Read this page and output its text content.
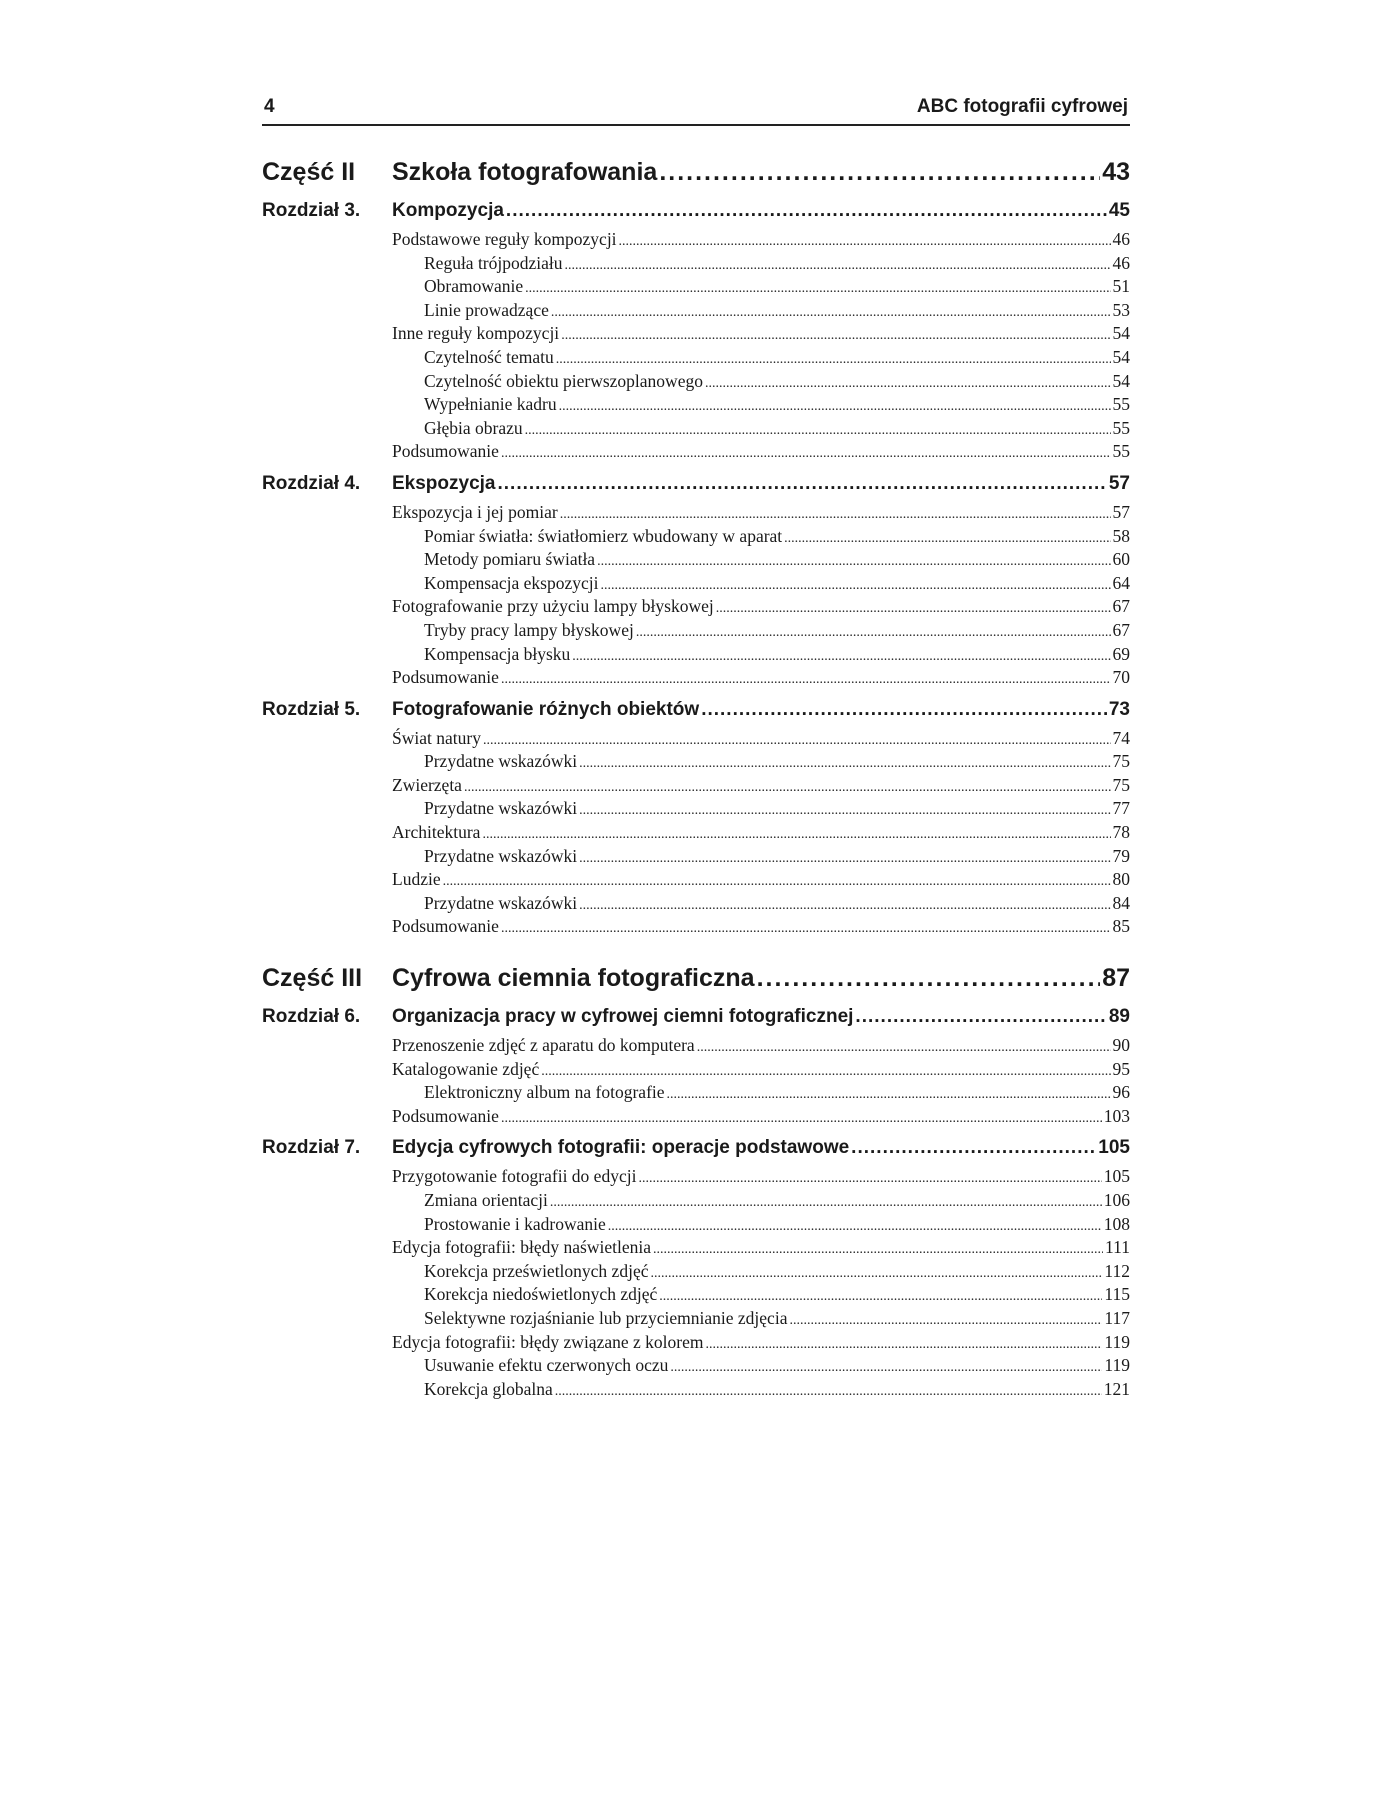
4	ABC fotografii cyfrowej
Część II Szkoła fotografowania .....	43
Rozdział 3. Kompozycja .....	45
Podstawowe reguły kompozycji .....	46
Reguła trójpodziału .....	46
Obramowanie .....	51
Linie prowadzące .....	53
Inne reguły kompozycji .....	54
Czytelność tematu .....	54
Czytelność obiektu pierwszoplanowego .....	54
Wypełnianie kadru .....	55
Głębia obrazu .....	55
Podsumowanie .....	55
Rozdział 4. Ekspozycja .....	57
Ekspozycja i jej pomiar .....	57
Pomiar światła: światłomierz wbudowany w aparat .....	58
Metody pomiaru światła .....	60
Kompensacja ekspozycji .....	64
Fotografowanie przy użyciu lampy błyskowej .....	67
Tryby pracy lampy błyskowej .....	67
Kompensacja błysku .....	69
Podsumowanie .....	70
Rozdział 5. Fotografowanie różnych obiektów .....	73
Świat natury .....	74
Przydatne wskazówki .....	75
Zwierzęta .....	75
Przydatne wskazówki .....	77
Architektura .....	78
Przydatne wskazówki .....	79
Ludzie .....	80
Przydatne wskazówki .....	84
Podsumowanie .....	85
Część III Cyfrowa ciemnia fotograficzna .....	87
Rozdział 6. Organizacja pracy w cyfrowej ciemni fotograficznej .....	89
Przenoszenie zdjęć z aparatu do komputera .....	90
Katalogowanie zdjęć .....	95
Elektroniczny album na fotografie .....	96
Podsumowanie .....	103
Rozdział 7. Edycja cyfrowych fotografii: operacje podstawowe .....	105
Przygotowanie fotografii do edycji .....	105
Zmiana orientacji .....	106
Prostowanie i kadrowanie .....	108
Edycja fotografii: błędy naświetlenia .....	111
Korekcja prześwietlonych zdjęć .....	112
Korekcja niedoświetlonych zdjęć .....	115
Selektywne rozjaśnianie lub przyciemnianie zdjęcia .....	117
Edycja fotografii: błędy związane z kolorem .....	119
Usuwanie efektu czerwonych oczu .....	119
Korekcja globalna .....	121
